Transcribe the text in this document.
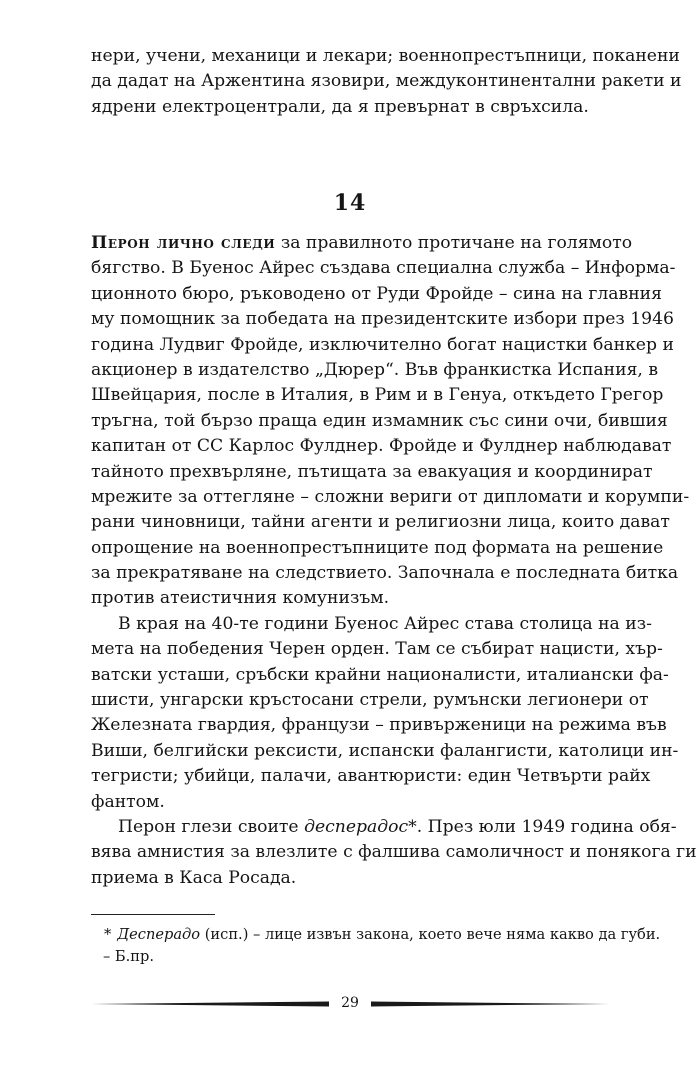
нери, учени, механици и лекари; военнопрестъпници, поканени
да дадат на Аржентина язовири, междуконтинентални ракети и
ядрени електроцентрали, да я превърнат в свръхсила.
14
Перон лично следи за правилното протичане на голямото
бягство. В Буенос Айрес създава специална служба – Информа-
ционното бюро, ръководено от Руди Фройде – сина на главния
му помощник за победата на президентските избори през 1946
година Лудвиг Фройде, изключително богат нацистки банкер и
акционер в издателство „Дюрер“. Във франкистка Испания, в
Швейцария, после в Италия, в Рим и в Генуа, откъдето Грегор
тръгна, той бързо праща един измамник със сини очи, бившия
капитан от СС Карлос Фулднер. Фройде и Фулднер наблюдават
тайното прехвърляне, пътищата за евакуация и координират
мрежите за оттегляне – сложни вериги от дипломати и корумпи-
рани чиновници, тайни агенти и религиозни лица, които дават
опрощение на военнопрестъпниците под формата на решение
за прекратяване на следствието. Започнала е последната битка
против атеистичния комунизъм.
В края на 40-те години Буенос Айрес става столица на из-
мета на победения Черен орден. Там се събират нацисти, хър-
ватски усташи, сръбски крайни националисти, италиански фа-
шисти, унгарски кръстосани стрели, румънски легионери от
Железната гвардия, французи – привърженици на режима във
Виши, белгийски рексисти, испански фалангисти, католици ин-
тегристи; убийци, палачи, авантюристи: един Четвърти райх
фантом.
Перон глези своите десперадос*. През юли 1949 година обя-
вява амнистия за влезлите с фалшива самоличност и понякога ги
приема в Каса Росада.
* Десперадо (исп.) – лице извън закона, което вече няма какво да губи.
– Б.пр.
29
